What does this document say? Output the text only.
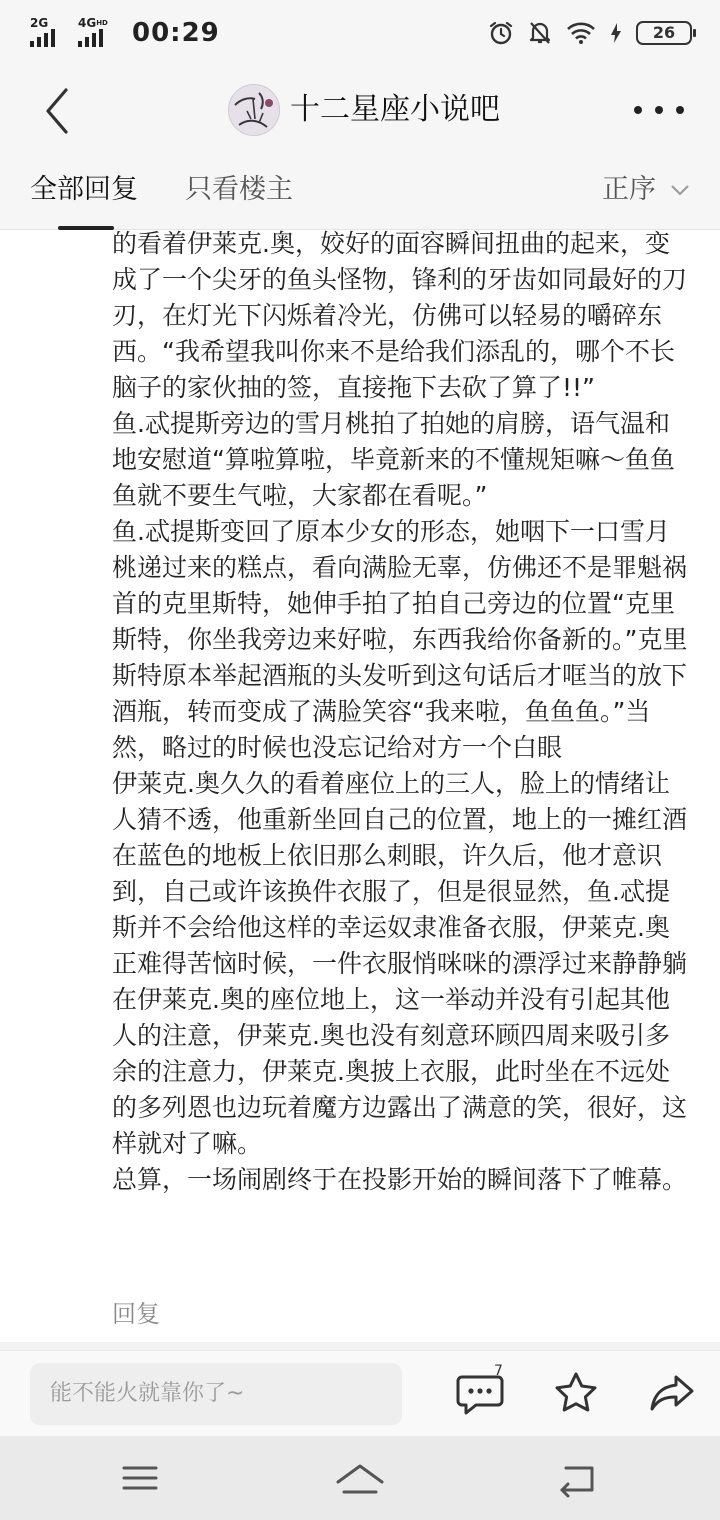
2G $4G^{HD}$ 00:29	26
十二星座小说吧
全部回复 只看楼主	正序

的看着伊莱克.奥，姣好的面容瞬间扭曲的起来，变成了一个尖牙的鱼头怪物，锋利的牙齿如同最好的刀刃，在灯光下闪烁着冷光，仿佛可以轻易的嚼碎东西。“我希望我叫你来不是给我们添乱的，哪个不长脑子的家伙抽的签，直接拖下去砍了算了!!”

鱼.忒提斯旁边的雪月桃拍了拍她的肩膀，语气温和地安慰道“算啦算啦，毕竟新来的不懂规矩嘛～鱼鱼鱼就不要生气啦，大家都在看呢。”

鱼.忒提斯变回了原本少女的形态，她咽下一口雪月桃递过来的糕点，看向满脸无辜，仿佛还不是罪魁祸首的克里斯特，她伸手拍了拍自己旁边的位置“克里斯特，你坐我旁边来好啦，东西我给你备新的。”克里斯特原本举起酒瓶的头发听到这句话后才哐当的放下酒瓶，转而变成了满脸笑容“我来啦，鱼鱼鱼。”当然，略过的时候也没忘记给对方一个白眼

伊莱克.奥久久的看着座位上的三人，脸上的情绪让人猜不透，他重新坐回自己的位置，地上的一摊红酒在蓝色的地板上依旧那么刺眼，许久后，他才意识到，自己或许该换件衣服了，但是很显然，鱼.忒提斯并不会给他这样的幸运奴隶准备衣服，伊莱克.奥正难得苦恼时候，一件衣服悄咪咪的漂浮过来静静躺在伊莱克.奥的座位地上，这一举动并没有引起其他人的注意，伊莱克.奥也没有刻意环顾四周来吸引多余的注意力，伊莱克.奥披上衣服，此时坐在不远处的多列恩也边玩着魔方边露出了满意的笑，很好，这样就对了嘛。

总算，一场闹剧终于在投影开始的瞬间落下了帷幕。

回复
能不能火就靠你了~
7
